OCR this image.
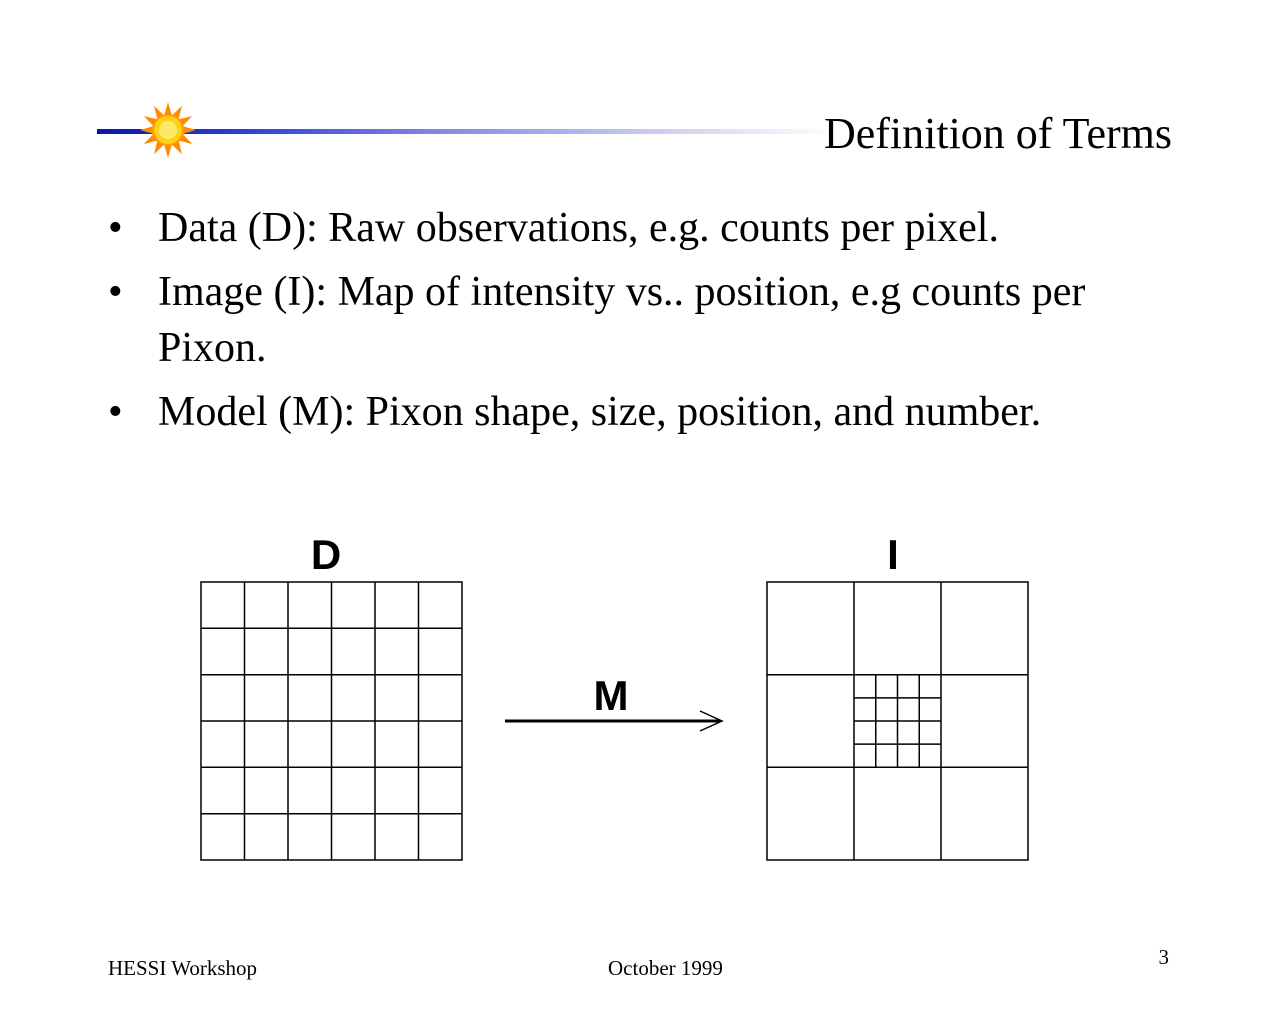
Definition of Terms
• Data (D): Raw observations, e.g. counts per pixel.
• Image (I): Map of intensity vs.. position, e.g counts per Pixon.
• Model (M): Pixon shape, size, position, and number.
D
M
I
HESSI Workshop	October 1999	3
